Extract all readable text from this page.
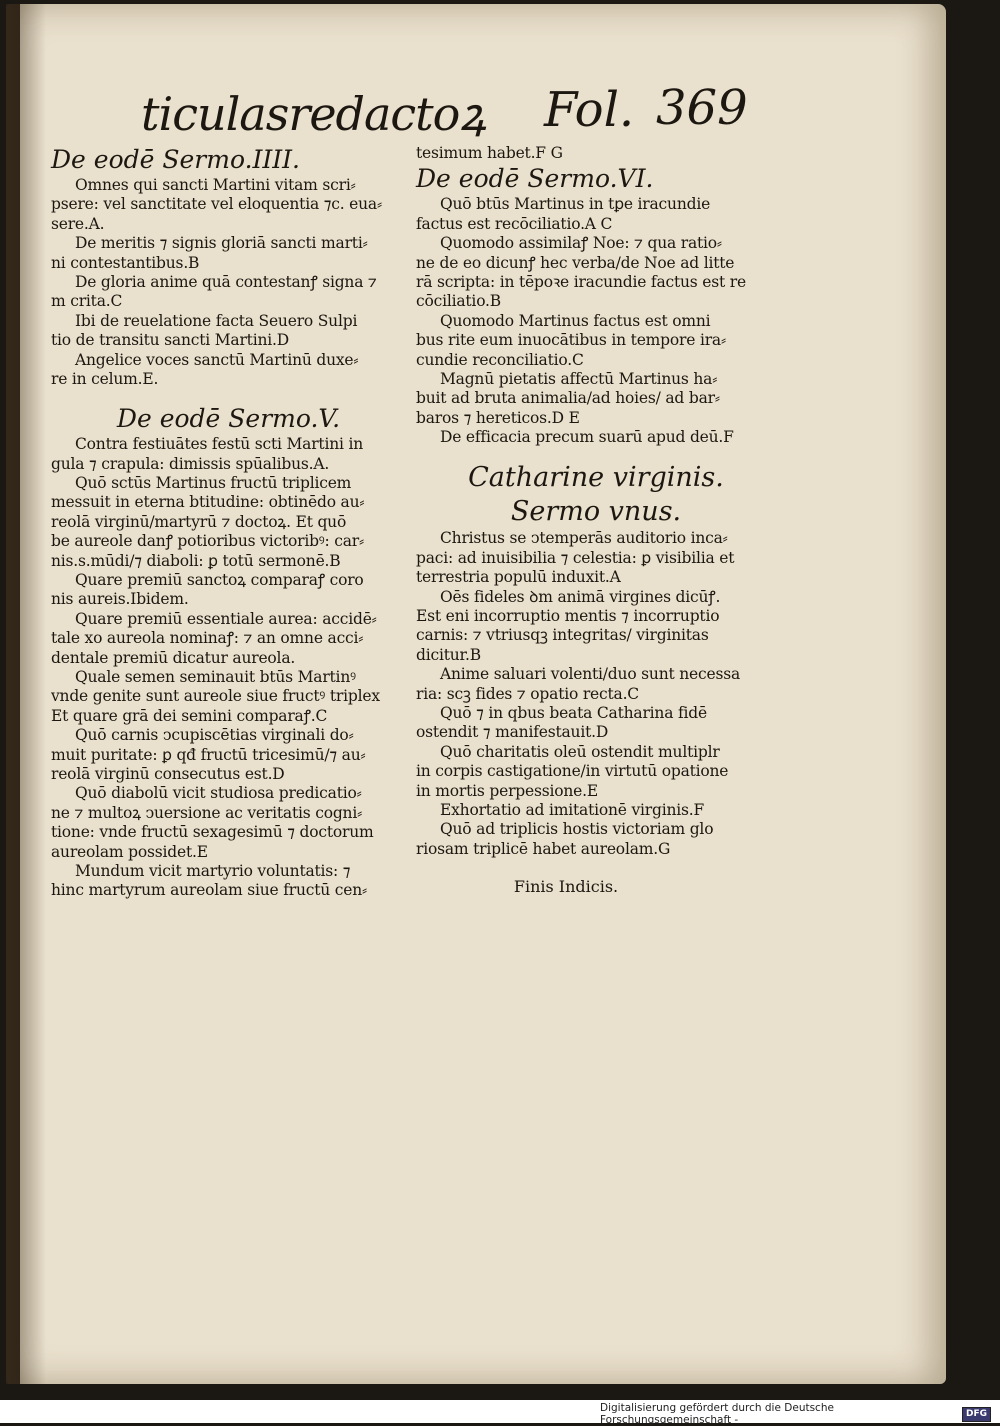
ticulasredactoꝝ Fol. 369
De eodē Sermo.IIII.
Omnes qui sancti Martini vitam scri⸗
psere: vel sanctitate vel eloquentia ⁊c. eua⸗
sere.A.
De meritis ⁊ signis gloriā sancti marti⸗
ni contestantibus.B
De gloria anime quā contestanꝭ signa ⁊
m crita.C
Ibi de reuelatione facta Seuero Sulpi
tio de transitu sancti Martini.D
Angelice voces sanctū Martinū duxe⸗
re in celum.E.
De eodē Sermo.V.
Contra festiuātes festū scti Martini in
gula ⁊ crapula: dimissis spūalibus.A.
Quō sctūs Martinus fructū triplicem
messuit in eterna btitudine: obtinēdo au⸗
reolā virginū/martyrū ⁊ doctoꝝ. Et quō
be aureole danꝭ potioribus victoribꝰ: car⸗
nis.s.mūdi/⁊ diaboli: ꝑ totū sermonē.B
Quare premiū sanctoꝝ comparaꝭ coro
nis aureis.Ibidem.
Quare premiū essentiale aurea: accidē⸗
tale xo aureola nominaꝭ: ⁊ an omne acci⸗
dentale premiū dicatur aureola.
Quale semen seminauit btūs Martinꝰ
vnde genite sunt aureole siue fructꝰ triplex
Et quare grā dei semini comparaꝭ.C
Quō carnis ↄcupiscētias virginali do⸗
muit puritate: ꝑ qđ fructū tricesimū/⁊ au⸗
reolā virginū consecutus est.D
Quō diabolū vicit studiosa predicatio⸗
ne ⁊ multoꝝ ↄuersione ac veritatis cogni⸗
tione: vnde fructū sexagesimū ⁊ doctorum
aureolam possidet.E
Mundum vicit martyrio voluntatis: ⁊
hinc martyrum aureolam siue fructū cen⸗
tesimum habet.F G
De eodē Sermo.VI.
Quō btūs Martinus in tꝑe iracundie
factus est recōciliatio.A C
Quomodo assimilaꝭ Noe: ⁊ qua ratio⸗
ne de eo dicunꝭ hec verba/de Noe ad litte
rā scripta: in tēpoꝛe iracundie factus est re
cōciliatio.B
Quomodo Martinus factus est omni
bus rite eum inuocātibus in tempore ira⸗
cundie reconciliatio.C
Magnū pietatis affectū Martinus ha⸗
buit ad bruta animalia/ad hoies/ ad bar⸗
baros ⁊ hereticos.D E
De efficacia precum suarū apud deū.F
Catharine virginis.
Sermo vnus.
Christus se ↄtemperās auditorio inca⸗
paci: ad inuisibilia ⁊ celestia: ꝑ visibilia et
terrestria populū induxit.A
Oēs fideles ꝺm animā virgines dicūꝭ.
Est eni incorruptio mentis ⁊ incorruptio
carnis: ⁊ vtriusqꝫ integritas/ virginitas
dicitur.B
Anime saluari volenti/duo sunt necessa
ria: scꝫ fides ⁊ opatio recta.C
Quō ⁊ in qbus beata Catharina fidē
ostendit ⁊ manifestauit.D
Quō charitatis oleū ostendit multiplr
in corpis castigatione/in virtutū opatione
in mortis perpessione.E
Exhortatio ad imitationē virginis.F
Quō ad triplicis hostis victoriam glo
riosam triplicē habet aureolam.G
Finis Indicis.
Digitalisierung gefördert durch die Deutsche Forschungsgemeinschaft -
DFG
